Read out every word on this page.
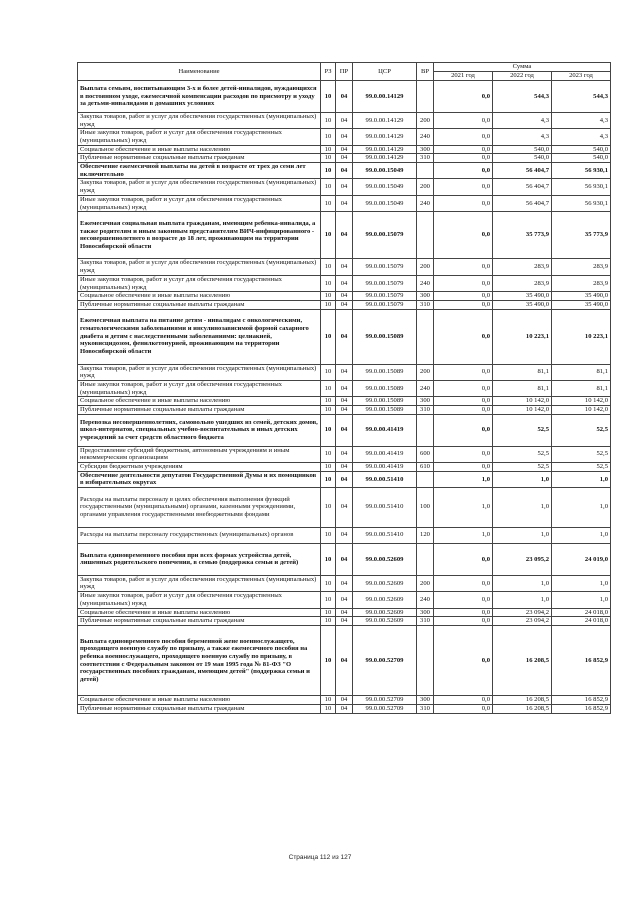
Наименование	РЗ	ПР	ЦСР	ВР	Сумма		
					2021 год	2022 год	2023 год
Выплата семьям, воспитывающим 3-х и более детей-инвалидов, нуждающихся в постоянном уходе, ежемесячной компенсации расходов по присмотру и уходу за детьми-инвалидами в домашних условиях	10	04	99.0.00.14129		0,0	544,3	544,3
Закупка товаров, работ и услуг для обеспечения государственных (муниципальных) нужд	10	04	99.0.00.14129	200	0,0	4,3	4,3
Иные закупки товаров, работ и услуг для обеспечения государственных (муниципальных) нужд	10	04	99.0.00.14129	240	0,0	4,3	4,3
Социальное обеспечение и иные выплаты населению	10	04	99.0.00.14129	300	0,0	540,0	540,0
Публичные нормативные социальные выплаты гражданам	10	04	99.0.00.14129	310	0,0	540,0	540,0
Обеспечение ежемесячной выплаты на детей в возрасте от трех до семи лет включительно	10	04	99.0.00.15049		0,0	56 404,7	56 930,1
Закупка товаров, работ и услуг для обеспечения государственных (муниципальных) нужд	10	04	99.0.00.15049	200	0,0	56 404,7	56 930,1
Иные закупки товаров, работ и услуг для обеспечения государственных (муниципальных) нужд	10	04	99.0.00.15049	240	0,0	56 404,7	56 930,1
Ежемесячная социальная выплата гражданам, имеющим ребенка-инвалида, а также родителям и иным законным представителям ВИЧ-инфицированного - несовершеннолетнего в возрасте до 18 лет, проживающим на территории Новосибирской области	10	04	99.0.00.15079		0,0	35 773,9	35 773,9
Закупка товаров, работ и услуг для обеспечения государственных (муниципальных) нужд	10	04	99.0.00.15079	200	0,0	283,9	283,9
Иные закупки товаров, работ и услуг для обеспечения государственных (муниципальных) нужд	10	04	99.0.00.15079	240	0,0	283,9	283,9
Социальное обеспечение и иные выплаты населению	10	04	99.0.00.15079	300	0,0	35 490,0	35 490,0
Публичные нормативные социальные выплаты гражданам	10	04	99.0.00.15079	310	0,0	35 490,0	35 490,0
Ежемесячная выплата на питание детям - инвалидам с онкологическими, гематологическими заболеваниями и инсулинозависимой формой сахарного диабета и детям с наследственными заболеваниями: целиакией, муковисцидозом, фенилкетонурией, проживающим на территории Новосибирской области	10	04	99.0.00.15089		0,0	10 223,1	10 223,1
Закупка товаров, работ и услуг для обеспечения государственных (муниципальных) нужд	10	04	99.0.00.15089	200	0,0	81,1	81,1
Иные закупки товаров, работ и услуг для обеспечения государственных (муниципальных) нужд	10	04	99.0.00.15089	240	0,0	81,1	81,1
Социальное обеспечение и иные выплаты населению	10	04	99.0.00.15089	300	0,0	10 142,0	10 142,0
Публичные нормативные социальные выплаты гражданам	10	04	99.0.00.15089	310	0,0	10 142,0	10 142,0
Перевозка несовершеннолетних, самовольно ушедших из семей, детских домов, школ-интернатов, специальных учебно-воспитательных и иных детских учреждений за счет средств областного бюджета	10	04	99.0.00.41419		0,0	52,5	52,5
Предоставление субсидий бюджетным, автономным учреждениям и иным некоммерческим организациям	10	04	99.0.00.41419	600	0,0	52,5	52,5
Субсидии бюджетным учреждениям	10	04	99.0.00.41419	610	0,0	52,5	52,5
Обеспечение деятельности депутатов Государственной Думы и их помощников в избирательных округах	10	04	99.0.00.51410		1,0	1,0	1,0
Расходы на выплаты персоналу в целях обеспечения выполнения функций государственными (муниципальными) органами, казенными учреждениями, органами управления государственными внебюджетными фондами	10	04	99.0.00.51410	100	1,0	1,0	1,0
Расходы на выплаты персоналу государственных (муниципальных) органов	10	04	99.0.00.51410	120	1,0	1,0	1,0
Выплата единовременного пособия при всех формах устройства детей, лишенных родительского попечения, в семью (поддержка семьи и детей)	10	04	99.0.00.52609		0,0	23 095,2	24 019,0
Закупка товаров, работ и услуг для обеспечения государственных (муниципальных) нужд	10	04	99.0.00.52609	200	0,0	1,0	1,0
Иные закупки товаров, работ и услуг для обеспечения государственных (муниципальных) нужд	10	04	99.0.00.52609	240	0,0	1,0	1,0
Социальное обеспечение и иные выплаты населению	10	04	99.0.00.52609	300	0,0	23 094,2	24 018,0
Публичные нормативные социальные выплаты гражданам	10	04	99.0.00.52609	310	0,0	23 094,2	24 018,0
Выплата единовременного пособия беременной жене военнослужащего, проходящего военную службу по призыву, а также ежемесячного пособия на ребенка военнослужащего, проходящего военную службу по призыву, в соответствии с Федеральным законом от 19 мая 1995 года № 81-ФЗ "О государственных пособиях гражданам, имеющим детей" (поддержка семьи и детей)	10	04	99.0.00.52709		0,0	16 208,5	16 852,9
Социальное обеспечение и иные выплаты населению	10	04	99.0.00.52709	300	0,0	16 208,5	16 852,9
Публичные нормативные социальные выплаты гражданам	10	04	99.0.00.52709	310	0,0	16 208,5	16 852,9
Страница 112 из 127
